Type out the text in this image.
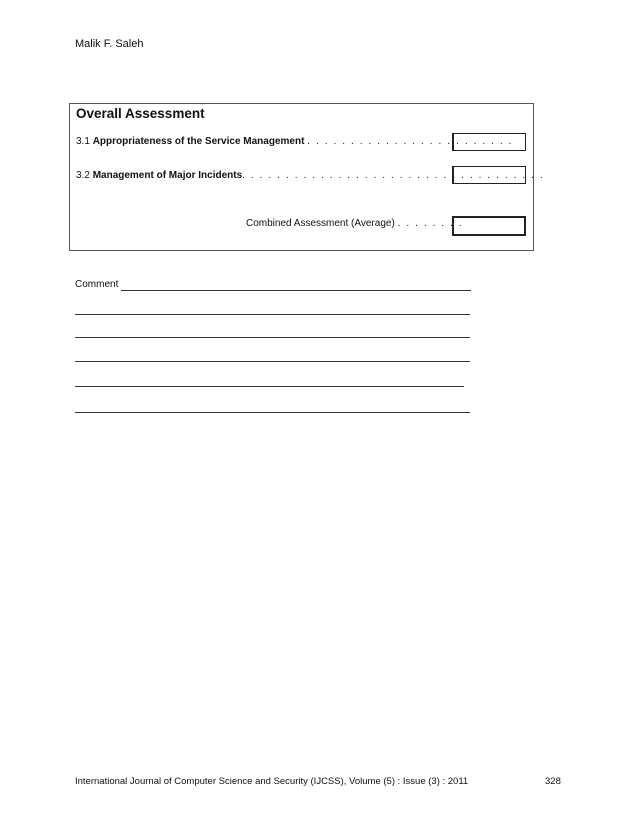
Malik F. Saleh
Overall Assessment
3.1 Appropriateness of the Service Management . . . . . . . . . . . . . . . . . . . . . . . .
3.2 Management of Major Incidents. . . . . . . . . . . . . . . . . . . . . . . . . . . . . . . . . . .
Combined Assessment (Average) . . . . . . . .
Comment
International Journal of Computer Science and Security (IJCSS), Volume (5) : Issue (3) : 2011	328
